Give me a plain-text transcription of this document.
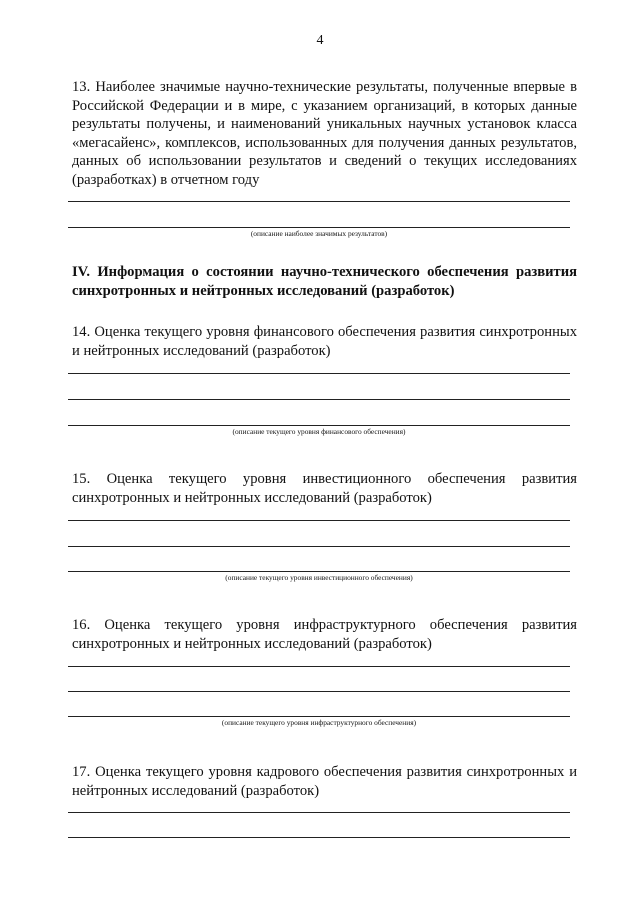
4
13. Наиболее значимые научно-технические результаты, полученные впервые в Российской Федерации и в мире, с указанием организаций, в которых данные результаты получены, и наименований уникальных научных установок класса «мегасайенс», комплексов, использованных для получения данных результатов, данных об использовании результатов и сведений о текущих исследованиях (разработках) в отчетном году
(описание наиболее значимых результатов)
IV. Информация о состоянии научно-технического обеспечения развития синхротронных и нейтронных исследований (разработок)
14. Оценка текущего уровня финансового обеспечения развития синхротронных и нейтронных исследований (разработок)
(описание текущего уровня финансового обеспечения)
15. Оценка текущего уровня инвестиционного обеспечения развития синхротронных и нейтронных исследований (разработок)
(описание текущего уровня инвестиционного обеспечения)
16. Оценка текущего уровня инфраструктурного обеспечения развития синхротронных и нейтронных исследований (разработок)
(описание текущего уровня инфраструктурного обеспечения)
17. Оценка текущего уровня кадрового обеспечения развития синхротронных и нейтронных исследований (разработок)
